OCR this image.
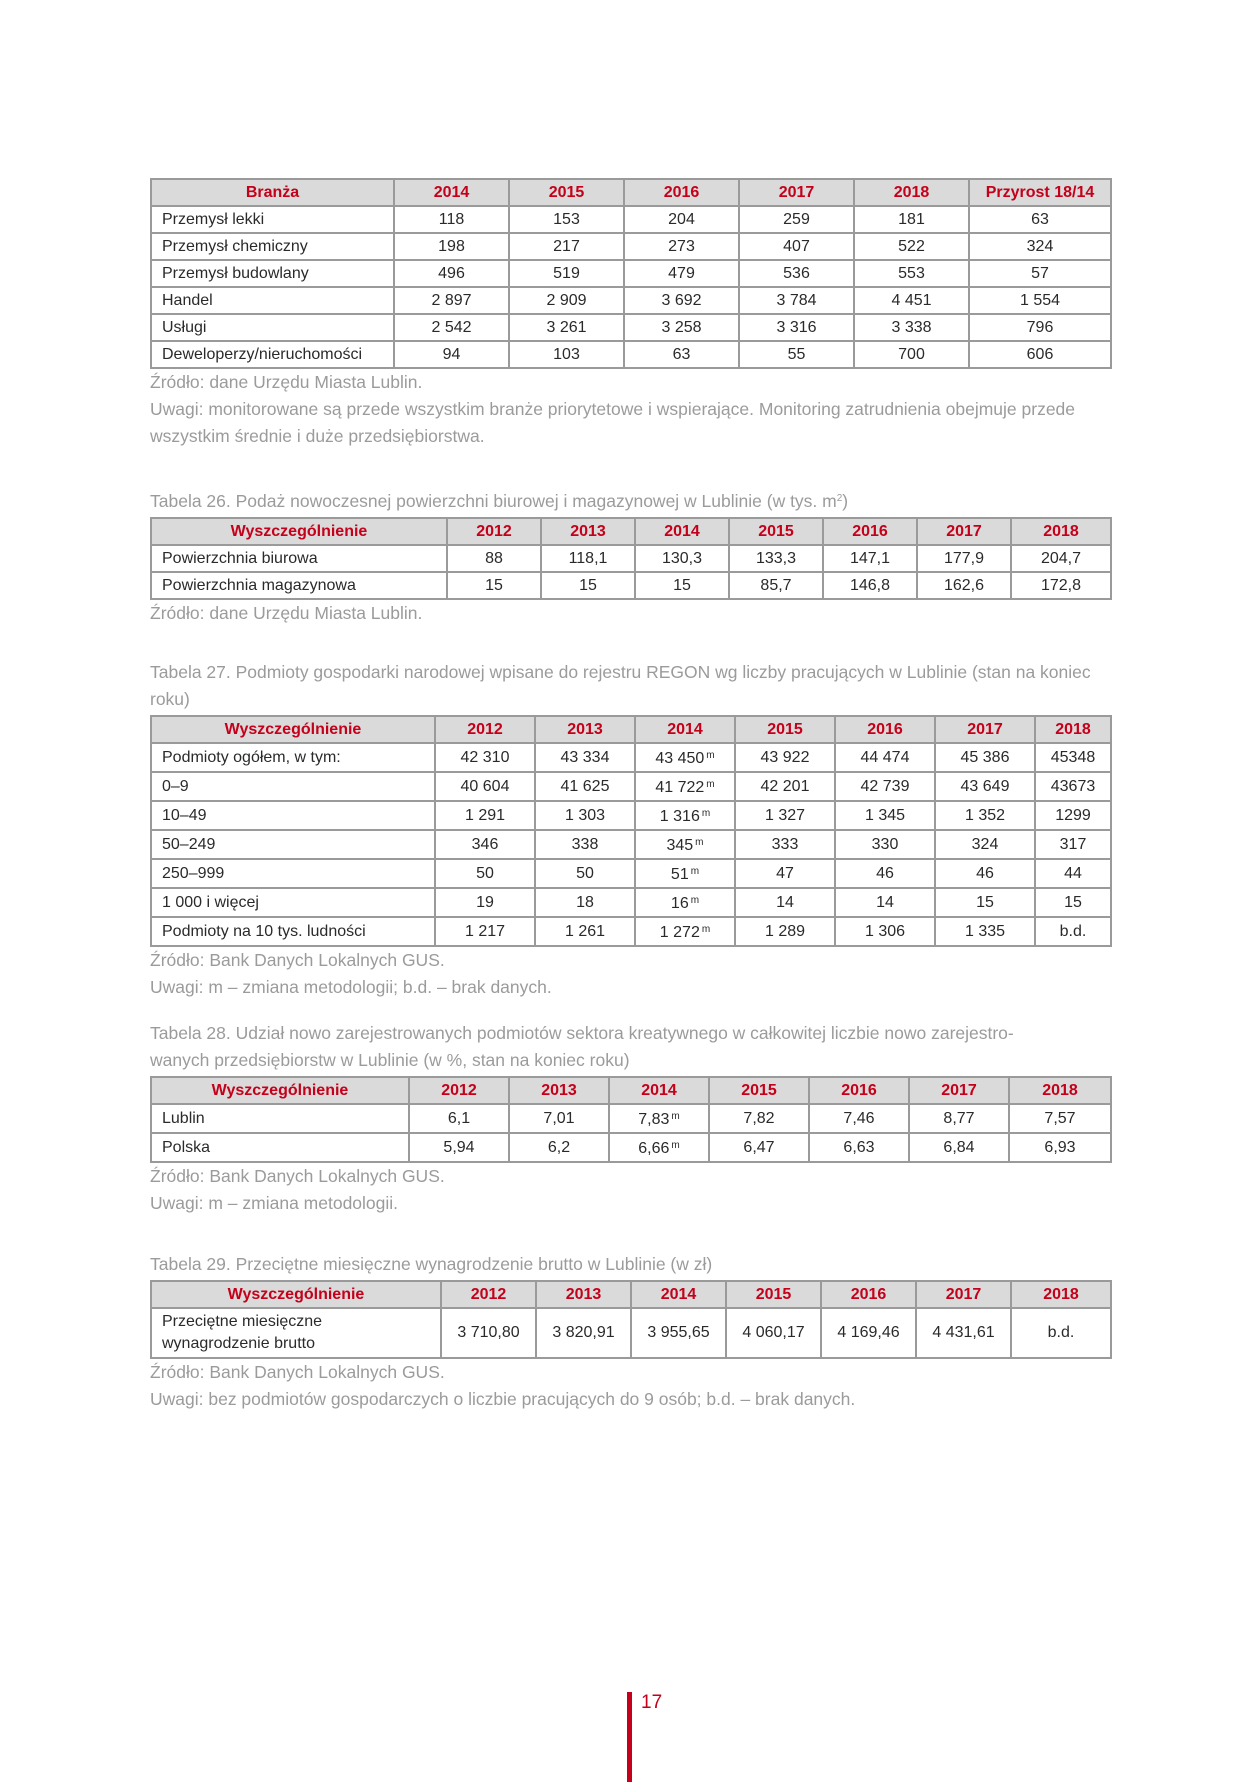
Branża	2014	2015	2016	2017	2018	Przyrost 18/14
Przemysł lekki	118	153	204	259	181	63
Przemysł chemiczny	198	217	273	407	522	324
Przemysł budowlany	496	519	479	536	553	57
Handel	2 897	2 909	3 692	3 784	4 451	1 554
Usługi	2 542	3 261	3 258	3 316	3 338	796
Deweloperzy/nieruchomości	94	103	63	55	700	606
Źródło: dane Urzędu Miasta Lublin.
Uwagi: monitorowane są przede wszystkim branże priorytetowe i wspierające. Monitoring zatrudnienia obejmuje przede wszystkim średnie i duże przedsiębiorstwa.
Tabela 26. Podaż nowoczesnej powierzchni biurowej i magazynowej w Lublinie (w tys. $m^2$)
Wyszczególnienie	2012	2013	2014	2015	2016	2017	2018
Powierzchnia biurowa	88	118,1	130,3	133,3	147,1	177,9	204,7
Powierzchnia magazynowa	15	15	15	85,7	146,8	162,6	172,8
Źródło: dane Urzędu Miasta Lublin.
Tabela 27. Podmioty gospodarki narodowej wpisane do rejestru REGON wg liczby pracujących w Lublinie (stan na koniec roku)
Wyszczególnienie	2012	2013	2014	2015	2016	2017	2018
Podmioty ogółem, w tym:	42 310	43 334	43 450 $^m$	43 922	44 474	45 386	45348
0–9	40 604	41 625	41 722 $^m$	42 201	42 739	43 649	43673
10–49	1 291	1 303	1 316 $^m$	1 327	1 345	1 352	1299
50–249	346	338	345 $^m$	333	330	324	317
250–999	50	50	51 $^m$	47	46	46	44
1 000 i więcej	19	18	16 $^m$	14	14	15	15
Podmioty na 10 tys. ludności	1 217	1 261	1 272 $^m$	1 289	1 306	1 335	b.d.
Źródło: Bank Danych Lokalnych GUS.
Uwagi: m – zmiana metodologii; b.d. – brak danych.
Tabela 28. Udział nowo zarejestrowanych podmiotów sektora kreatywnego w całkowitej liczbie nowo zarejestro-
wanych przedsiębiorstw w Lublinie (w %, stan na koniec roku)
Wyszczególnienie	2012	2013	2014	2015	2016	2017	2018
Lublin	6,1	7,01	7,83 $^m$	7,82	7,46	8,77	7,57
Polska	5,94	6,2	6,66 $^m$	6,47	6,63	6,84	6,93
Źródło: Bank Danych Lokalnych GUS.
Uwagi: m – zmiana metodologii.
Tabela 29. Przeciętne miesięczne wynagrodzenie brutto w Lublinie (w zł)
Wyszczególnienie	2012	2013	2014	2015	2016	2017	2018
Przeciętne miesięczne wynagrodzenie brutto	3 710,80	3 820,91	3 955,65	4 060,17	4 169,46	4 431,61	b.d.
Źródło: Bank Danych Lokalnych GUS.
Uwagi: bez podmiotów gospodarczych o liczbie pracujących do 9 osób; b.d. – brak danych.
17
